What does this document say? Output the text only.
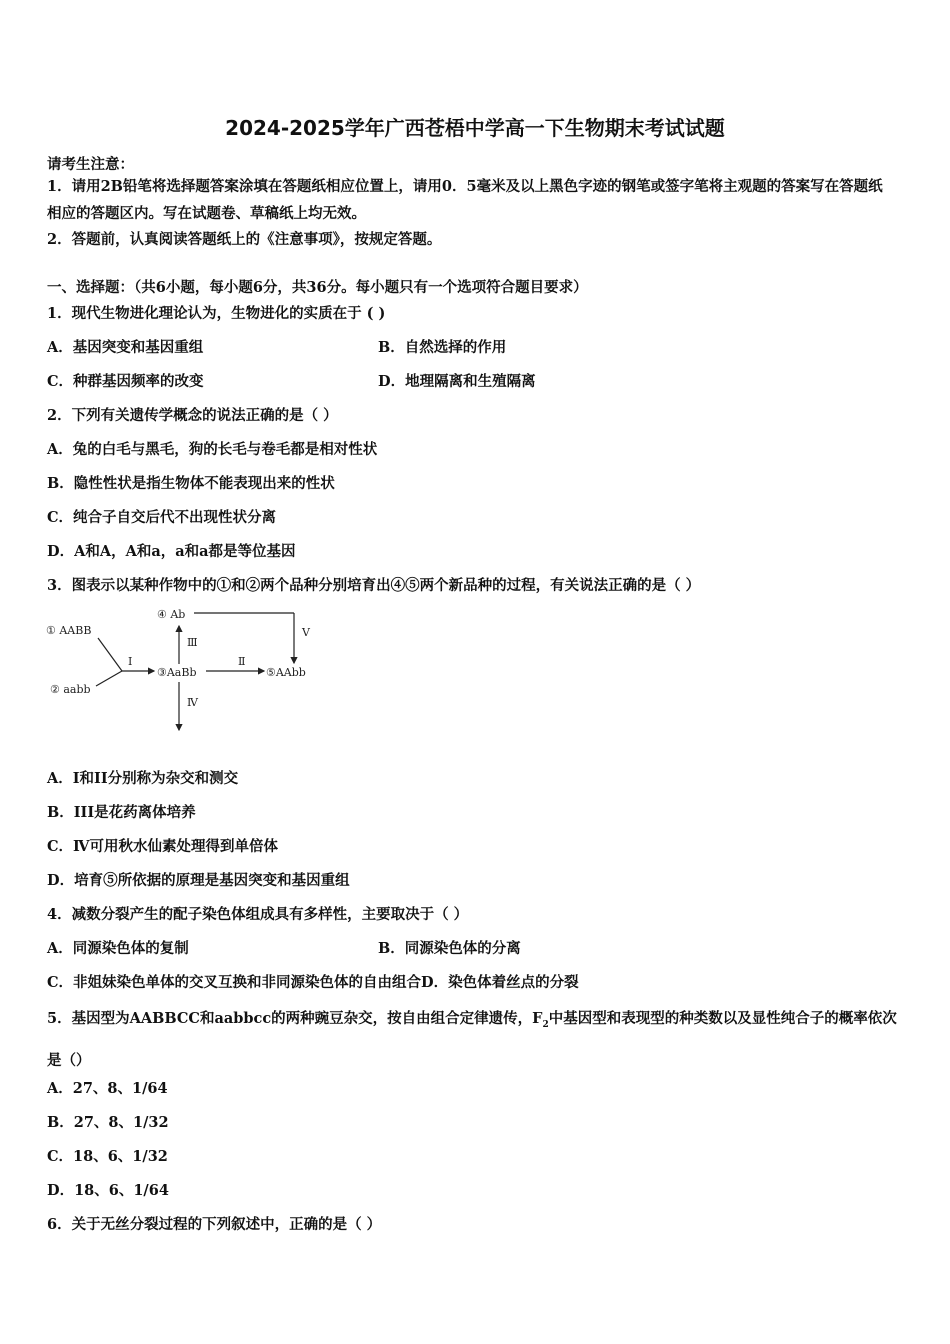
2024-2025学年广西苍梧中学高一下生物期末考试试题
请考生注意：
1．请用2B铅笔将选择题答案涂填在答题纸相应位置上，请用0．5毫米及以上黑色字迹的钢笔或签字笔将主观题的答案写在答题纸相应的答题区内。写在试题卷、草稿纸上均无效。
2．答题前，认真阅读答题纸上的《注意事项》，按规定答题。
一、选择题：（共6小题，每小题6分，共36分。每小题只有一个选项符合题目要求）
1．现代生物进化理论认为，生物进化的实质在于 ( )
A．基因突变和基因重组	B．自然选择的作用
C．种群基因频率的改变	D．地理隔离和生殖隔离
2．下列有关遗传学概念的说法正确的是（ ）
A．兔的白毛与黑毛，狗的长毛与卷毛都是相对性状
B．隐性性状是指生物体不能表现出来的性状
C．纯合子自交后代不出现性状分离
D．A和A，A和a，a和a都是等位基因
3．图表示以某种作物中的①和②两个品种分别培育出④⑤两个新品种的过程，有关说法正确的是（ ）
① AABB
② aabb
Ⅰ
③AaBb
④ Ab
Ⅲ
Ⅴ
Ⅱ
⑤AAbb
Ⅳ
A．I和II分别称为杂交和测交
B．III是花药离体培养
C．Ⅳ可用秋水仙素处理得到单倍体
D．培育⑤所依据的原理是基因突变和基因重组
4．减数分裂产生的配子染色体组成具有多样性，主要取决于（ ）
A．同源染色体的复制	B．同源染色体的分离
C．非姐妹染色单体的交叉互换和非同源染色体的自由组合D．染色体着丝点的分裂
5．基因型为AABBCC和aabbcc的两种豌豆杂交，按自由组合定律遗传，$F_2$中基因型和表现型的种类数以及显性纯合子的概率依次是（）
A．27、8、1/64
B．27、8、1/32
C．18、6、1/32
D．18、6、1/64
6．关于无丝分裂过程的下列叙述中，正确的是（ ）
